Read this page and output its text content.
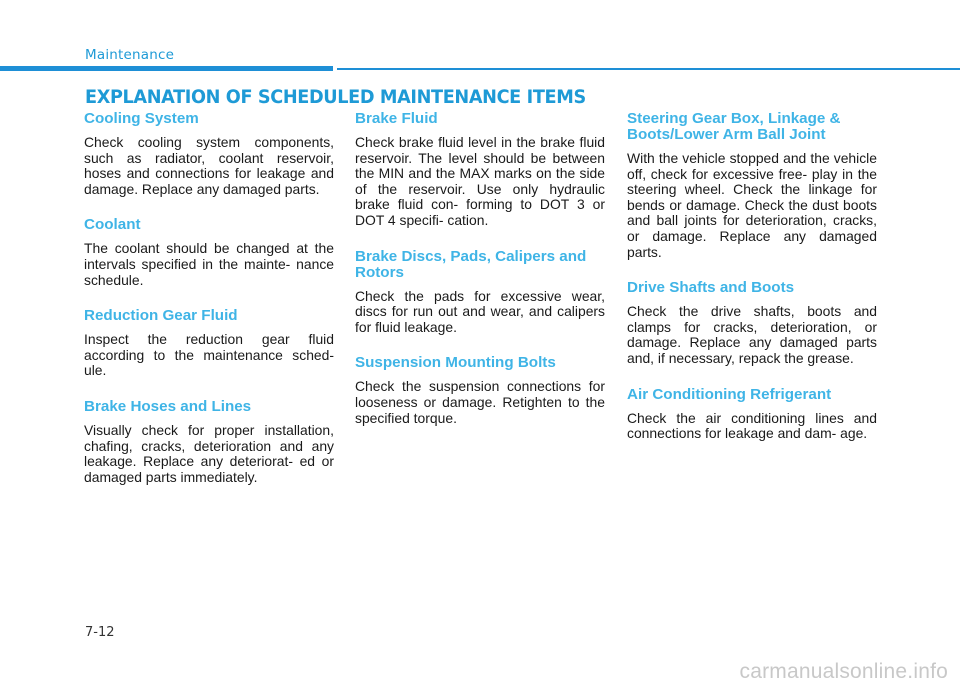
Maintenance
EXPLANATION OF SCHEDULED MAINTENANCE ITEMS
Cooling System

Check cooling system components, such as radiator, coolant reservoir, hoses and connections for leakage and damage. Replace any damaged parts.

Coolant

The coolant should be changed at the intervals specified in the mainte- nance schedule.

Reduction Gear Fluid

Inspect the reduction gear fluid according to the maintenance sched- ule.

Brake Hoses and Lines

Visually check for proper installation, chafing, cracks, deterioration and any leakage. Replace any deteriorat- ed or damaged parts immediately.

Brake Fluid

Check brake fluid level in the brake fluid reservoir. The level should be between the MIN and the MAX marks on the side of the reservoir. Use only hydraulic brake fluid con- forming to DOT 3 or DOT 4 specifi- cation.

Brake Discs, Pads, Calipers and Rotors

Check the pads for excessive wear, discs for run out and wear, and calipers for fluid leakage.

Suspension Mounting Bolts

Check the suspension connections for looseness or damage. Retighten to the specified torque.

Steering Gear Box, Linkage & Boots/Lower Arm Ball Joint

With the vehicle stopped and the vehicle off, check for excessive free- play in the steering wheel. Check the linkage for bends or damage. Check the dust boots and ball joints for deterioration, cracks, or damage. Replace any damaged parts.

Drive Shafts and Boots

Check the drive shafts, boots and clamps for cracks, deterioration, or damage. Replace any damaged parts and, if necessary, repack the grease.

Air Conditioning Refrigerant

Check the air conditioning lines and connections for leakage and dam- age.

7-12
carmanualsonline.info
